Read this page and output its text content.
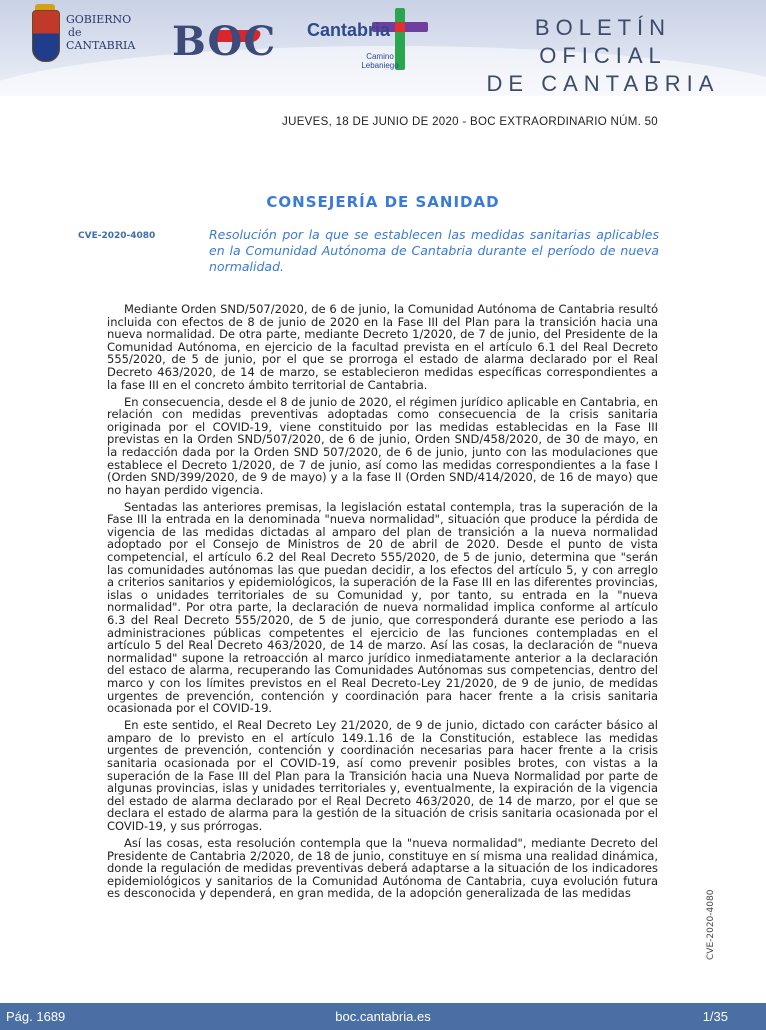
GOBIERNO
de
CANTABRIA BOC Cantabria
Camino Lebaniego
BOLETÍN OFICIAL
DE CANTABRIA
JUEVES, 18 DE JUNIO DE 2020 - BOC EXTRAORDINARIO NÚM. 50
CONSEJERÍA DE SANIDAD
CVE-2020-4080	Resolución por la que se establecen las medidas sanitarias aplicables en la Comunidad Autónoma de Cantabria durante el período de nueva normalidad.

Mediante Orden SND/507/2020, de 6 de junio, la Comunidad Autónoma de Cantabria resultó incluida con efectos de 8 de junio de 2020 en la Fase III del Plan para la transición hacia una nueva normalidad. De otra parte, mediante Decreto 1/2020, de 7 de junio, del Presidente de la Comunidad Autónoma, en ejercicio de la facultad prevista en el artículo 6.1 del Real Decreto 555/2020, de 5 de junio, por el que se prorroga el estado de alarma declarado por el Real Decreto 463/2020, de 14 de marzo, se establecieron medidas específicas correspondientes a la fase III en el concreto ámbito territorial de Cantabria.

En consecuencia, desde el 8 de junio de 2020, el régimen jurídico aplicable en Cantabria, en relación con medidas preventivas adoptadas como consecuencia de la crisis sanitaria originada por el COVID-19, viene constituido por las medidas establecidas en la Fase III previstas en la Orden SND/507/2020, de 6 de junio, Orden SND/458/2020, de 30 de mayo, en la redacción dada por la Orden SND 507/2020, de 6 de junio, junto con las modulaciones que establece el Decreto 1/2020, de 7 de junio, así como las medidas correspondientes a la fase I (Orden SND/399/2020, de 9 de mayo) y a la fase II (Orden SND/414/2020, de 16 de mayo) que no hayan perdido vigencia.

Sentadas las anteriores premisas, la legislación estatal contempla, tras la superación de la Fase III la entrada en la denominada "nueva normalidad", situación que produce la pérdida de vigencia de las medidas dictadas al amparo del plan de transición a la nueva normalidad adoptado por el Consejo de Ministros de 20 de abril de 2020. Desde el punto de vista competencial, el artículo 6.2 del Real Decreto 555/2020, de 5 de junio, determina que "serán las comunidades autónomas las que puedan decidir, a los efectos del artículo 5, y con arreglo a criterios sanitarios y epidemiológicos, la superación de la Fase III en las diferentes provincias, islas o unidades territoriales de su Comunidad y, por tanto, su entrada en la "nueva normalidad". Por otra parte, la declaración de nueva normalidad implica conforme al artículo 6.3 del Real Decreto 555/2020, de 5 de junio, que corresponderá durante ese periodo a las administraciones públicas competentes el ejercicio de las funciones contempladas en el artículo 5 del Real Decreto 463/2020, de 14 de marzo. Así las cosas, la declaración de "nueva normalidad" supone la retroacción al marco jurídico inmediatamente anterior a la declaración del estaco de alarma, recuperando las Comunidades Autónomas sus competencias, dentro del marco y con los límites previstos en el Real Decreto-Ley 21/2020, de 9 de junio, de medidas urgentes de prevención, contención y coordinación para hacer frente a la crisis sanitaria ocasionada por el COVID-19.

En este sentido, el Real Decreto Ley 21/2020, de 9 de junio, dictado con carácter básico al amparo de lo previsto en el artículo 149.1.16 de la Constitución, establece las medidas urgentes de prevención, contención y coordinación necesarias para hacer frente a la crisis sanitaria ocasionada por el COVID-19, así como prevenir posibles brotes, con vistas a la superación de la Fase III del Plan para la Transición hacia una Nueva Normalidad por parte de algunas provincias, islas y unidades territoriales y, eventualmente, la expiración de la vigencia del estado de alarma declarado por el Real Decreto 463/2020, de 14 de marzo, por el que se declara el estado de alarma para la gestión de la situación de crisis sanitaria ocasionada por el COVID-19, y sus prórrogas.

Así las cosas, esta resolución contempla que la "nueva normalidad", mediante Decreto del Presidente de Cantabria 2/2020, de 18 de junio, constituye en sí misma una realidad dinámica, donde la regulación de medidas preventivas deberá adaptarse a la situación de los indicadores epidemiológicos y sanitarios de la Comunidad Autónoma de Cantabria, cuya evolución futura es desconocida y dependerá, en gran medida, de la adopción generalizada de las medidas	CVE-2020-4080
Pág. 1689	boc.cantabria.es	1/35
